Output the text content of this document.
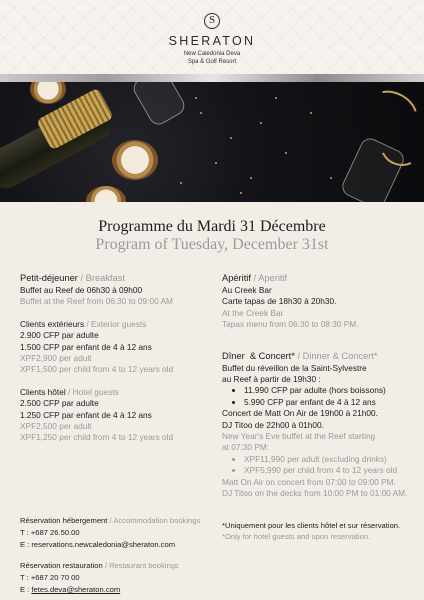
S
SHERATON
New Caledonia Deva
Spa & Golf Resort
Programme du Mardi 31 Décembre
Program of Tuesday, December 31st
Petit-déjeuner / Breakfast
Buffet au Reef de 06h30 à 09h00
Buffet at the Reef from 06:30 to 09:00 AM
Clients extérieurs / Exterior guests
2.900 CFP par adulte
1.500 CFP par enfant de 4 à 12 ans
XPF2,900 per adult
XPF1,500 per child from 4 to 12 years old
Clients hôtel / Hotel guests
2.500 CFP par adulte
1.250 CFP par enfant de 4 à 12 ans
XPF2,500 per adult
XPF1,250 per child from 4 to 12 years old
Apéritif / Aperitif
Au Creek Bar
Carte tapas de 18h30 à 20h30.
At the Creek Bar
Tapas menu from 06:30 to 08:30 PM.
Dîner  & Concert* / Dinner & Concert*
Buffet du réveillon de la Saint-Sylvestre
au Reef à partir de 19h30 :
• 11.990 CFP par adulte (hors boissons)
• 5.990 CFP par enfant de 4 à 12 ans
Concert de Matt On Air de 19h00 à 21h00.
DJ Titoo de 22h00 à 01h00.
New Year's Eve buffet at the Reef starting
at 07:30 PM:
• XPF11,990 per adult (excluding drinks)
• XPF5,990 per child from 4 to 12 years old
Matt On Air on concert from 07:00 to 09:00 PM.
DJ Titoo on the decks from 10:00 PM to 01:00 AM.
Réservation hébergement / Accommodation bookings
T : +687 26.50.00
E : reservations.newcaledonia@sheraton.com
Réservation restauration / Restaurant bookings
T : +687 20 70 00
E : fetes.deva@sheraton.com
*Uniquement pour les clients hôtel et sur réservation.
*Only for hotel guests and upon reservation.
